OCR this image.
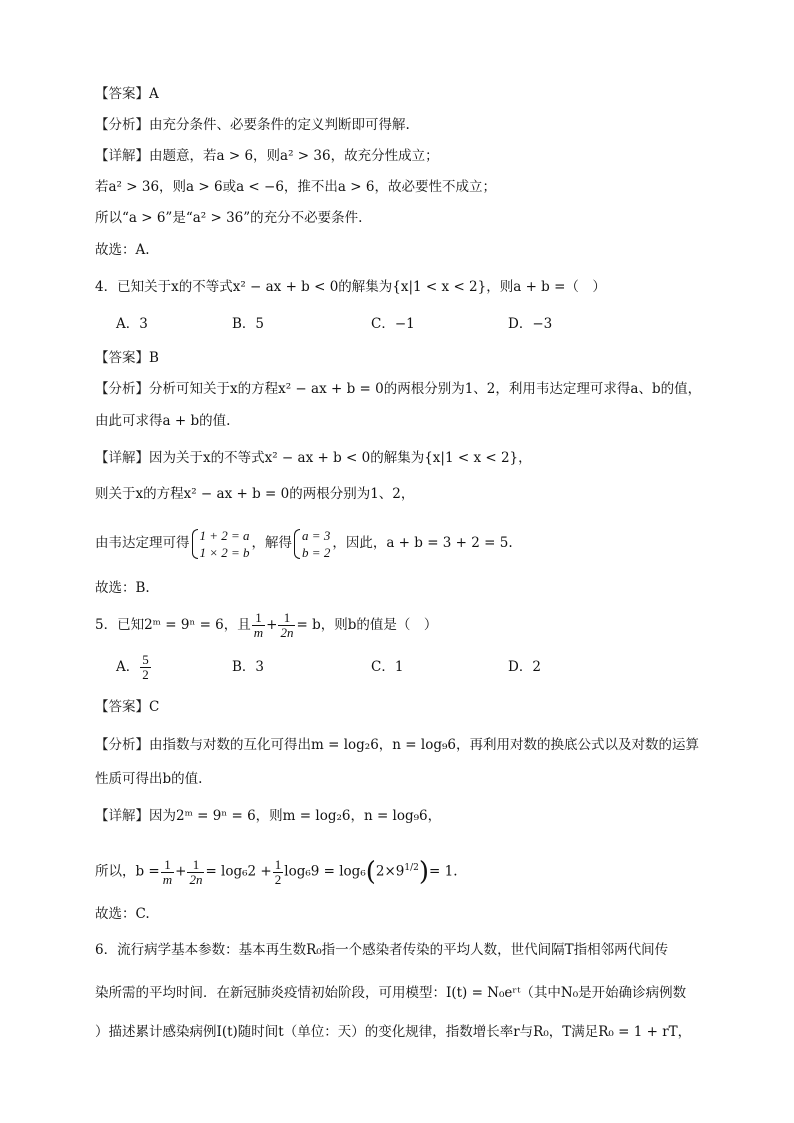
【答案】A
【分析】由充分条件、必要条件的定义判断即可得解.
【详解】由题意，若a > 6，则a² > 36，故充分性成立；
若a² > 36，则a > 6或a < −6，推不出a > 6，故必要性不成立；
所以“a > 6”是“a² > 36”的充分不必要条件.
故选：A.
4．已知关于x的不等式x² − ax + b < 0的解集为{x|1 < x < 2}，则a + b =（　）
A．3	B．5	C．−1	D．−3
【答案】B
【分析】分析可知关于x的方程x² − ax + b = 0的两根分别为1、2，利用韦达定理可求得a、b的值，
由此可求得a + b的值.
【详解】因为关于x的不等式x² − ax + b < 0的解集为{x|1 < x < 2}，
则关于x的方程x² − ax + b = 0的两根分别为1、2，
由韦达定理可得 1 + 2 = a
1 × 2 = b
，解得 a = 3
b = 2
，因此，a + b = 3 + 2 = 5.
故选：B.
5．已知2ᵐ = 9ⁿ = 6，且 $\frac{1}{m} + \frac{1}{2n} = b$，则b的值是（　）
A． $\frac{5}{2}$	B．3	C．1	D．2
【答案】C
【分析】由指数与对数的互化可得出m = log₂6，n = log₉6，再利用对数的换底公式以及对数的运算
性质可得出b的值.
【详解】因为2ᵐ = 9ⁿ = 6，则m = log₂6，n = log₉6，
所以，$b = \frac{1}{m} + \frac{1}{2n} = \log_62 + \frac{1}{2} \log_69 = \log_6(2\times 9^{1/2})= 1$.
故选：C.
6．流行病学基本参数：基本再生数R₀指一个感染者传染的平均人数，世代间隔T指相邻两代间传
染所需的平均时间．在新冠肺炎疫情初始阶段，可用模型：I(t) = N₀eʳᵗ（其中N₀是开始确诊病例数
）描述累计感染病例I(t)随时间t（单位：天）的变化规律，指数增长率r与R₀，T满足R₀ = 1 + rT，
